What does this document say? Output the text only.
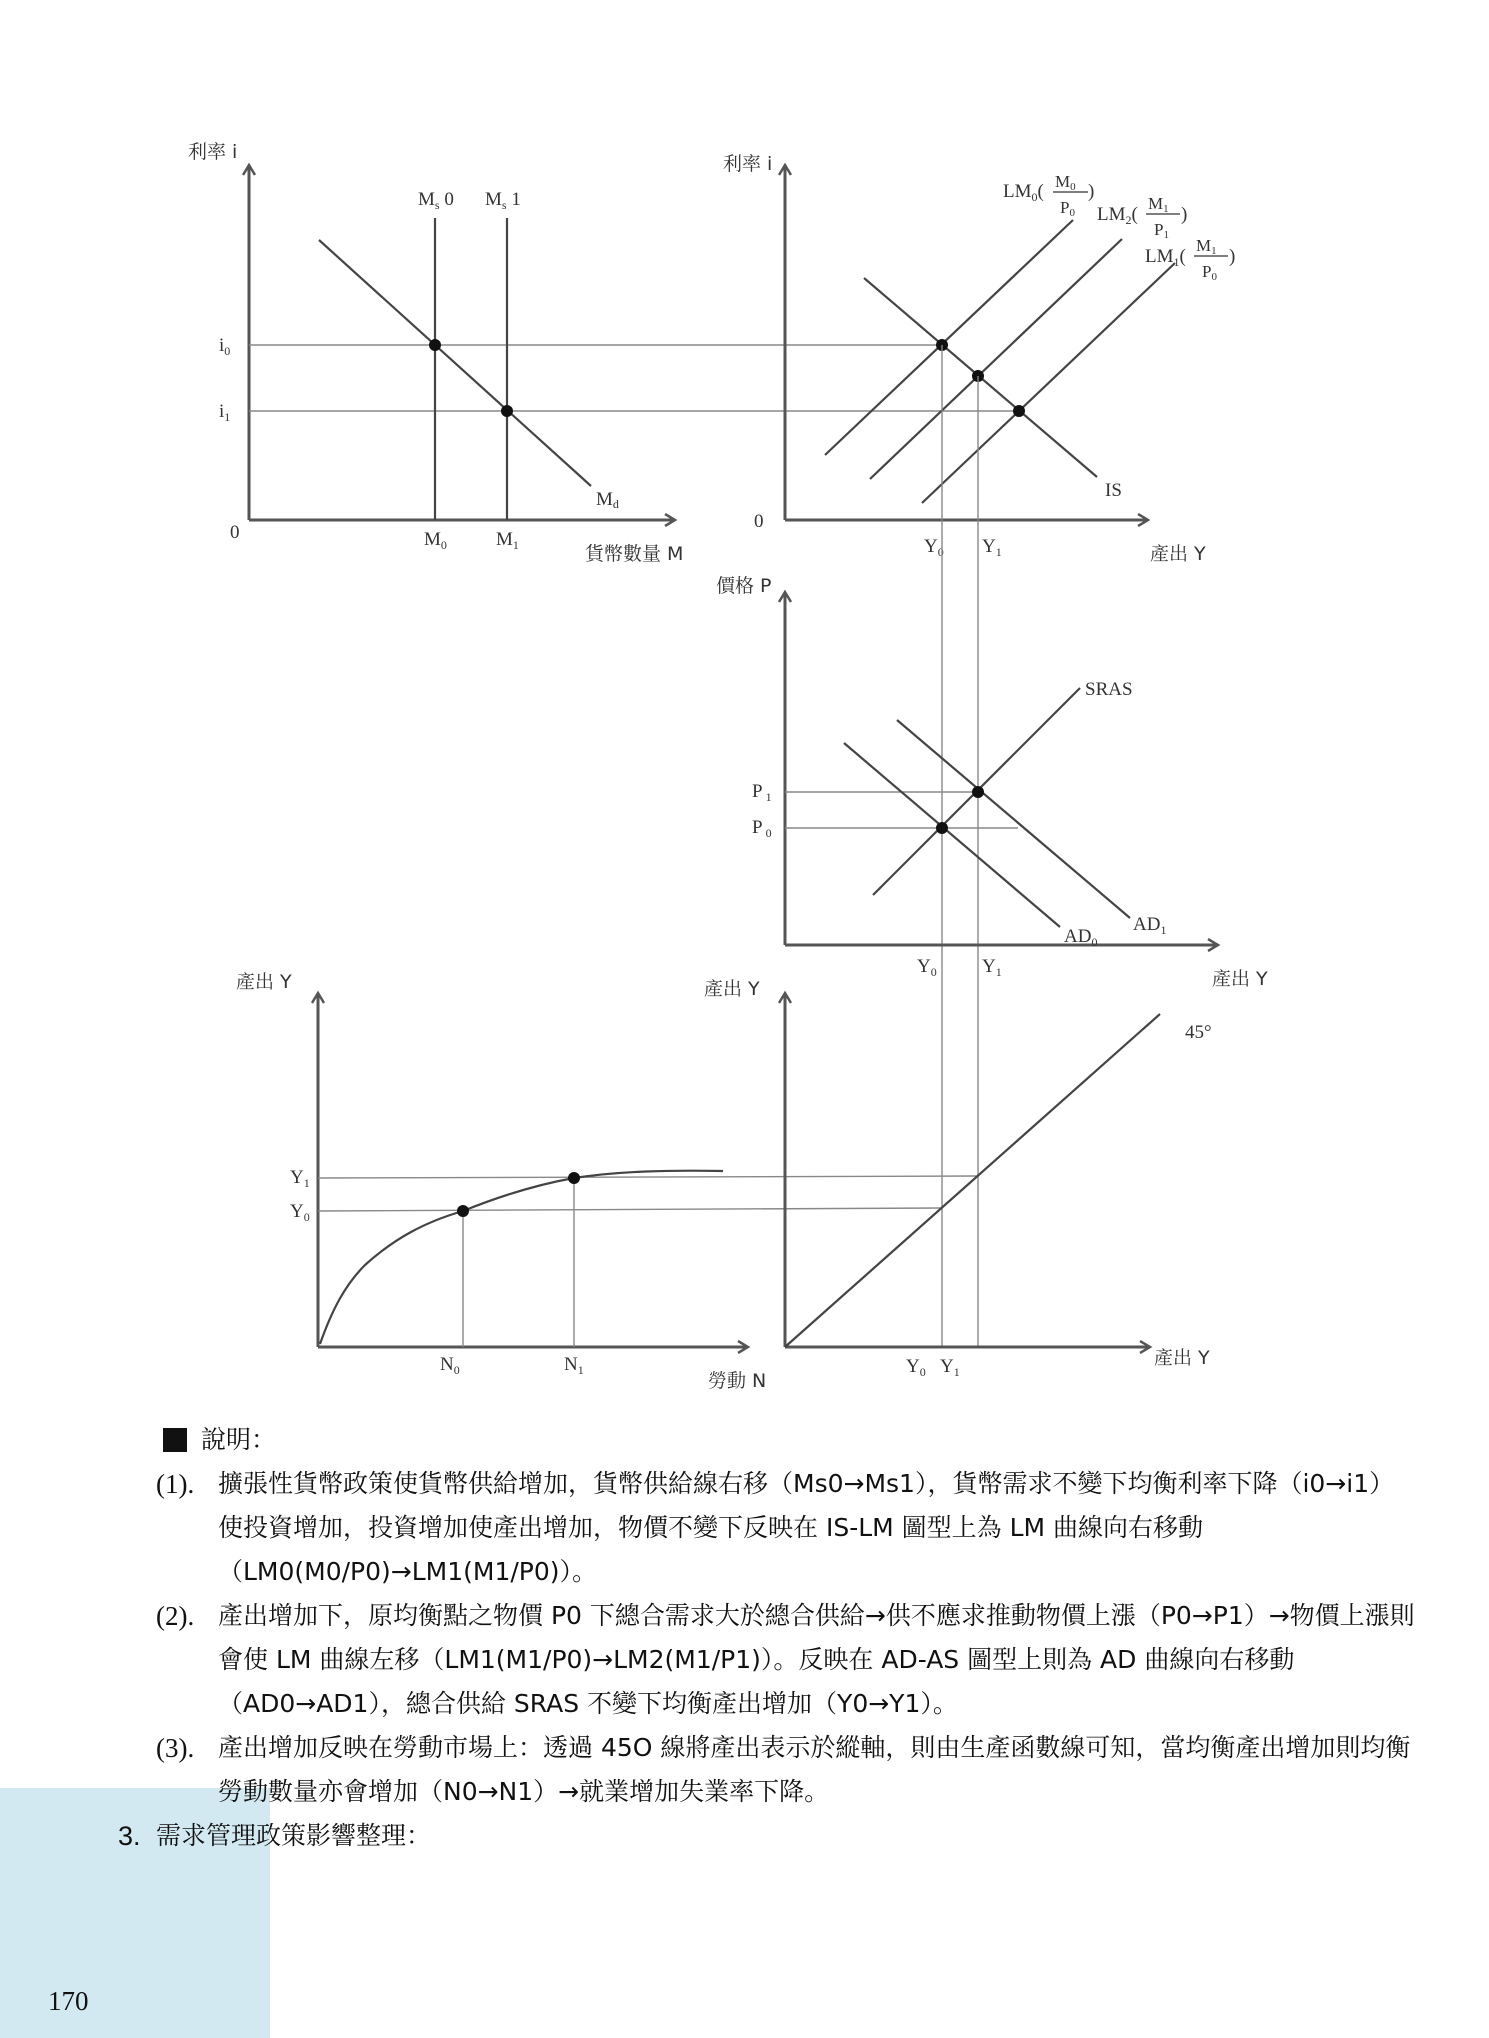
170
利率 i
貨幣數量 M
0
$M_s$ 0 $M_s$ 1
Md
$M_0$	$M_1$
$i_0$
$i_1$
利率 i
產出 Y
0
IS
$Y_0$ $Y_1$
$LM_0$( M0
P0
)
$LM_2$(
M1
P1
)
$LM_1$(
M1
P0
)
價格 P
產出 Y
SRAS
$AD_0$
$AD_1$
P $_1$
P $_0$
$Y_0$ $Y_1$
產出 Y
勞動 N
$Y_1$
$Y_0$
$N_0$	$N_1$
產出 Y
產出 Y
45°
$Y_0$ $Y_1$
說明：
(1). 擴張性貨幣政策使貨幣供給增加，貨幣供給線右移（Ms0→Ms1），貨幣需求不變下均衡利率下降（i0→i1）使投資增加，投資增加使產出增加，物價不變下反映在 IS-LM 圖型上為 LM 曲線向右移動（LM0(M0/P0)→LM1(M1/P0)）。
(2). 產出增加下，原均衡點之物價 P0 下總合需求大於總合供給→供不應求推動物價上漲（P0→P1）→物價上漲則會使 LM 曲線左移（LM1(M1/P0)→LM2(M1/P1)）。反映在 AD-AS 圖型上則為 AD 曲線向右移動（AD0→AD1），總合供給 SRAS 不變下均衡產出增加（Y0→Y1）。
(3). 產出增加反映在勞動市場上：透過 45O 線將產出表示於縱軸，則由生產函數線可知，當均衡產出增加則均衡勞動數量亦會增加（N0→N1）→就業增加失業率下降。
3. 需求管理政策影響整理：
